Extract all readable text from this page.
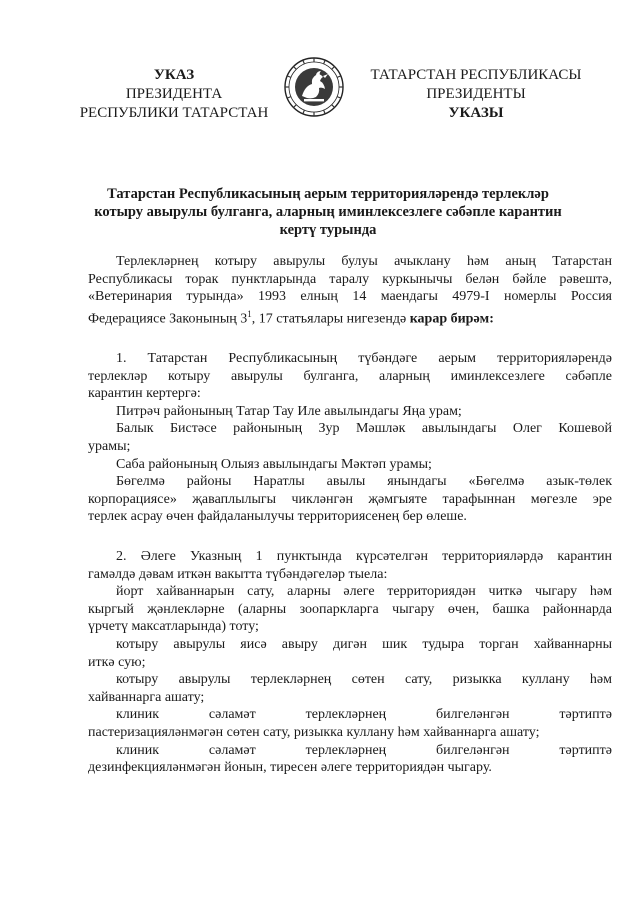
УКАЗ
ПРЕЗИДЕНТА
РЕСПУБЛИКИ ТАТАРСТАН
ТАТАРСТАН РЕСПУБЛИКАСЫ
ПРЕЗИДЕНТЫ
УКАЗЫ
Татарстан Республикасының аерым территорияләрендә терлекләр
котыру авырулы булганга, аларның иминлексезлеге сәбәпле карантин
кертү турында
Терлекләрнең котыру авырулы булуы ачыклану һәм аның Татарстан
Республикасы торак пунктларында таралу куркынычы белән бәйле рәвештә,
«Ветеринария турында» 1993 елның 14 маендагы 4979-I номерлы Россия
Федерациясе Законының $3^1$, 17 статьялары нигезендә карар бирәм:
1. Татарстан Республикасының түбәндәге аерым территорияләрендә
терлекләр котыру авырулы булганга, аларның иминлексезлеге сәбәпле
карантин кертергә:
Питрәч районының Татар Тау Иле авылындагы Яңа урам;
Балык Бистәсе районының Зур Мәшләк авылындагы Олег Кошевой
урамы;
Саба районының Олыяз авылындагы Мәктәп урамы;
Бөгелмә районы Наратлы авылы янындагы «Бөгелмә азык-төлек
корпорациясе» җаваплылыгы чикләнгән җәмгыяте тарафыннан мөгезле эре
терлек асрау өчен файдаланылучы территориясенең бер өлеше.
2. Әлеге Указның 1 пунктында күрсәтелгән территорияләрдә карантин
гамәлдә дәвам иткән вакытта түбәндәгеләр тыела:
йорт хайваннарын сату, аларны әлеге территориядән читкә чыгару һәм
кыргый җәнлекләрне (аларны зоопаркларга чыгару өчен, башка районнарда
үрчетү максатларында) тоту;
котыру авырулы яисә авыру дигән шик тудыра торган хайваннарны
иткә сую;
котыру авырулы терлекләрнең сөтен сату, ризыкка куллану һәм
хайваннарга ашату;
клиник сәламәт терлекләрнең билгеләнгән тәртиптә
пастеризацияләнмәгән сөтен сату, ризыкка куллану һәм хайваннарга ашату;
клиник сәламәт терлекләрнең билгеләнгән тәртиптә
дезинфекцияләнмәгән йонын, тиресен әлеге территориядән чыгару.
